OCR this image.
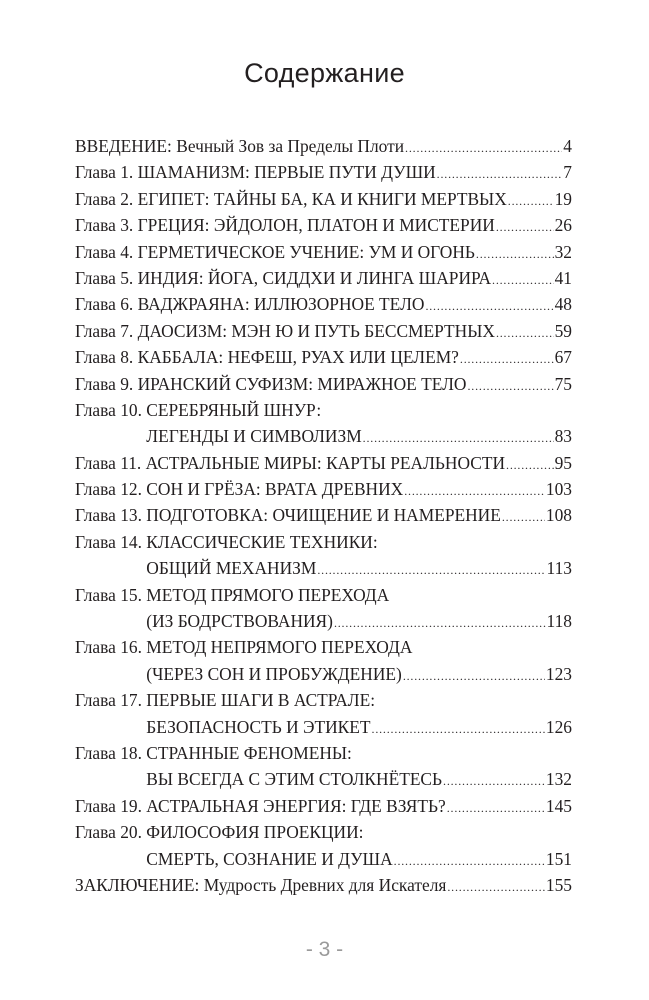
Содержание
ВВЕДЕНИЕ: Вечный Зов за Пределы Плоти .....	4
Глава 1. ШАМАНИЗМ: ПЕРВЫЕ ПУТИ ДУШИ .....	7
Глава 2. ЕГИПЕТ: ТАЙНЫ БА, КА И КНИГИ МЕРТВЫХ .....	19
Глава 3. ГРЕЦИЯ: ЭЙДОЛОН, ПЛАТОН И МИСТЕРИИ .....	26
Глава 4. ГЕРМЕТИЧЕСКОЕ УЧЕНИЕ: УМ И ОГОНЬ .....	32
Глава 5. ИНДИЯ: ЙОГА, СИДДХИ И ЛИНГА ШАРИРА .....	41
Глава 6. ВАДЖРАЯНА: ИЛЛЮЗОРНОЕ ТЕЛО .....	48
Глава 7. ДАОСИЗМ: МЭН Ю И ПУТЬ БЕССМЕРТНЫХ .....	59
Глава 8. КАББАЛА: НЕФЕШ, РУАХ ИЛИ ЦЕЛЕМ? .....	67
Глава 9. ИРАНСКИЙ СУФИЗМ: МИРАЖНОЕ ТЕЛО .....	75
Глава 10. СЕРЕБРЯНЫЙ ШНУР:
ЛЕГЕНДЫ И СИМВОЛИЗМ .....	83
Глава 11. АСТРАЛЬНЫЕ МИРЫ: КАРТЫ РЕАЛЬНОСТИ .....	95
Глава 12. СОН И ГРЁЗА: ВРАТА ДРЕВНИХ .....	103
Глава 13. ПОДГОТОВКА: ОЧИЩЕНИЕ И НАМЕРЕНИЕ .....	108
Глава 14. КЛАССИЧЕСКИЕ ТЕХНИКИ:
ОБЩИЙ МЕХАНИЗМ .....	113
Глава 15. МЕТОД ПРЯМОГО ПЕРЕХОДА
(ИЗ БОДРСТВОВАНИЯ) .....	118
Глава 16. МЕТОД НЕПРЯМОГО ПЕРЕХОДА
(ЧЕРЕЗ СОН И ПРОБУЖДЕНИЕ) .....	123
Глава 17. ПЕРВЫЕ ШАГИ В АСТРАЛЕ:
БЕЗОПАСНОСТЬ И ЭТИКЕТ .....	126
Глава 18. СТРАННЫЕ ФЕНОМЕНЫ:
ВЫ ВСЕГДА С ЭТИМ СТОЛКНЁТЕСЬ .....	132
Глава 19. АСТРАЛЬНАЯ ЭНЕРГИЯ: ГДЕ ВЗЯТЬ? .....	145
Глава 20. ФИЛОСОФИЯ ПРОЕКЦИИ:
СМЕРТЬ, СОЗНАНИЕ И ДУША .....	151
ЗАКЛЮЧЕНИЕ: Мудрость Древних для Искателя .....	155
- 3 -
